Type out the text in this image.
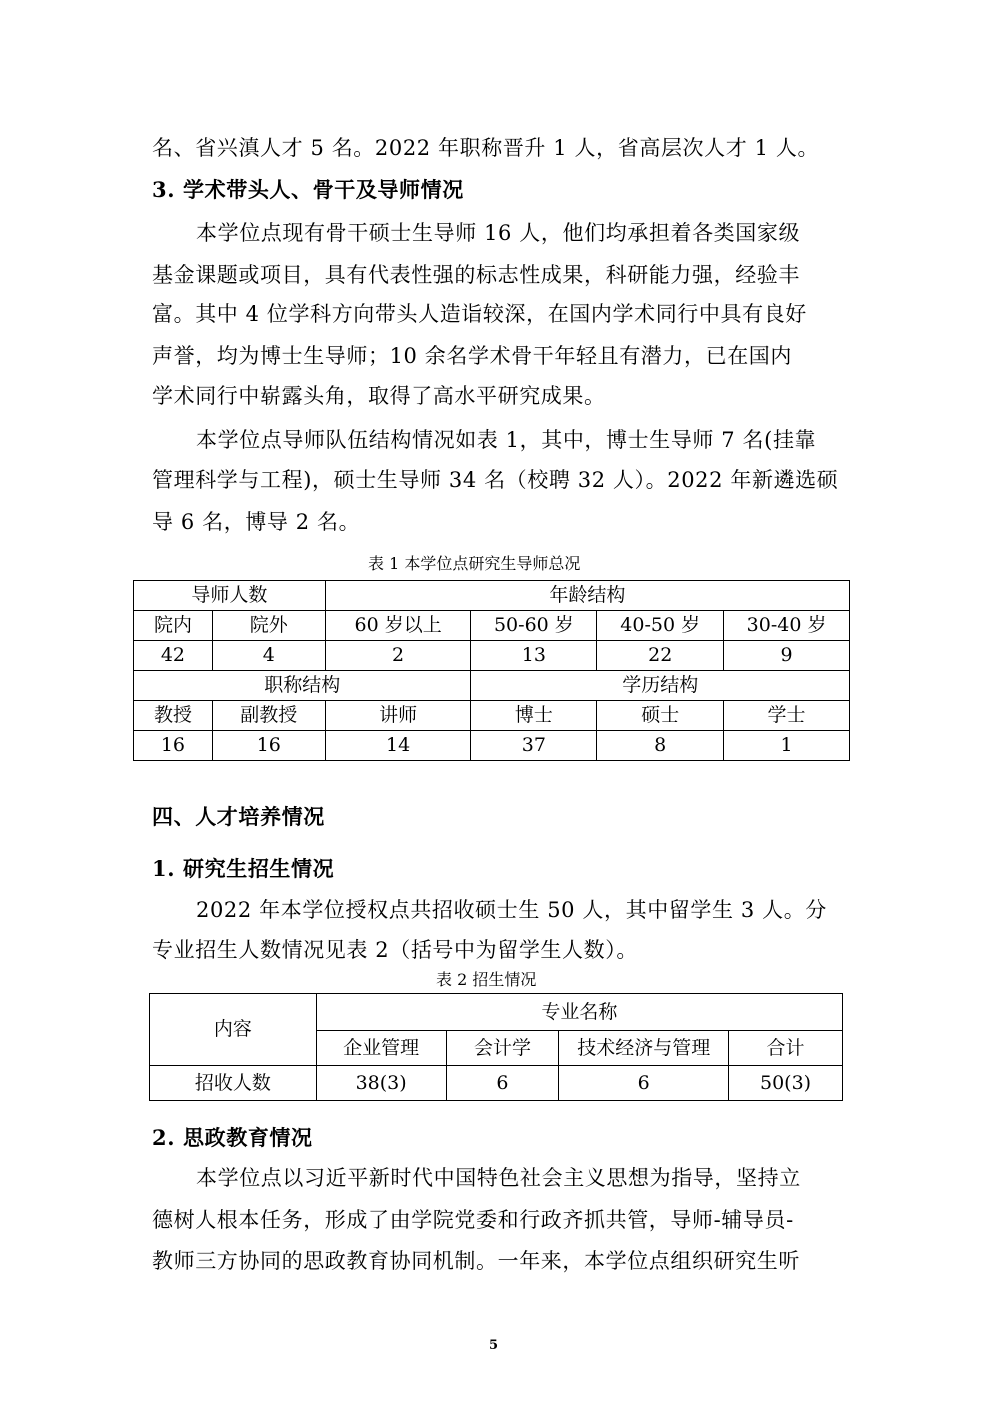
名、省兴滇人才 5 名。2022 年职称晋升 1 人，省高层次人才 1 人。
3. 学术带头人、骨干及导师情况
本学位点现有骨干硕士生导师 16 人，他们均承担着各类国家级
基金课题或项目，具有代表性强的标志性成果，科研能力强，经验丰
富。其中 4 位学科方向带头人造诣较深，在国内学术同行中具有良好
声誉，均为博士生导师；10 余名学术骨干年轻且有潜力，已在国内
学术同行中崭露头角，取得了高水平研究成果。
本学位点导师队伍结构情况如表 1，其中，博士生导师 7 名(挂靠
管理科学与工程)，硕士生导师 34 名（校聘 32 人）。2022 年新遴选硕
导 6 名，博导 2 名。
表 1 本学位点研究生导师总况
导师人数		年龄结构			
院内	院外	60 岁以上	50-60 岁	40-50 岁	30-40 岁
42	4	2	13	22	9
职称结构			学历结构		
教授	副教授	讲师	博士	硕士	学士
16	16	14	37	8	1
四、人才培养情况
1. 研究生招生情况
2022 年本学位授权点共招收硕士生 50 人，其中留学生 3 人。分
专业招生人数情况见表 2（括号中为留学生人数）。
表 2 招生情况
内容	专业名称			
	企业管理	会计学	技术经济与管理	合计
招收人数	38(3)	6	6	50(3)
2. 思政教育情况
本学位点以习近平新时代中国特色社会主义思想为指导，坚持立
德树人根本任务，形成了由学院党委和行政齐抓共管，导师-辅导员-
教师三方协同的思政教育协同机制。一年来，本学位点组织研究生听
5
